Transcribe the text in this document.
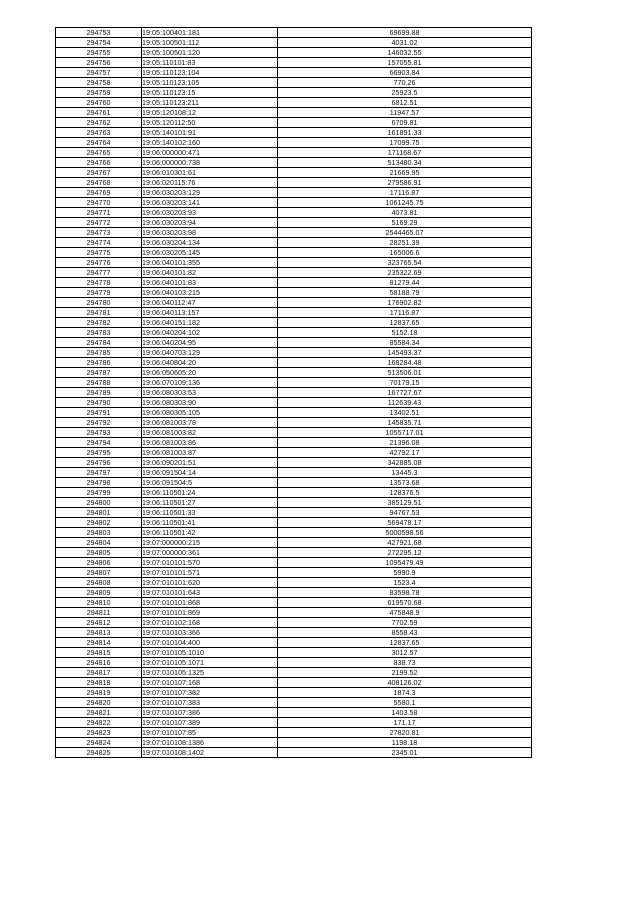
294753	19:05:100401:181	69699.88
294754	19:05:100501:112	4031.02
294755	19:05:100501:120	146032.55
294756	19:05:110101:83	157055.81
294757	19:05:110123:104	66903.84
294758	19:05:110123:105	770.26
294759	19:05:110123:15	25923.5
294760	19:05:110123:211	6812.51
294761	19:05:120108:12	11947.57
294762	19:05:120112:50	6709.81
294763	19:05:140101:91	161891.33
294764	19:05:140102:160	17099.75
294765	19:06:000000:471	171168.67
294766	19:06:000000:738	513480.34
294767	19:06:010301:61	21669.95
294768	19:06:020115:76	279586.91
294769	19:06:030203:129	17116.87
294770	19:06:030203:141	1061245.75
294771	19:06:030203:93	4073.81
294772	19:06:030203:94	5169.29
294773	19:06:030203:98	2544465.07
294774	19:06:030204:134	28251.39
294775	19:06:030205:145	165006.6
294776	19:06:040101:355	323765.54
294777	19:06:040101:82	235322.69
294778	19:06:040101:83	81279.44
294779	19:06:040103:215	58188.79
294780	19:06:040112:47	176902.82
294781	19:06:040113:157	17116.87
294782	19:06:040151:182	12837.65
294783	19:06:040204:102	5152.18
294784	19:06:040204:95	85584.34
294785	19:06:040703:129	145493.37
294786	19:06:040804:20	168284.48
294787	19:06:050605:20	513506.01
294788	19:06:070109:136	70179.15
294789	19:06:080303:53	167727.67
294790	19:06:080303:90	112639.43
294791	19:06:080305:105	13402.51
294792	19:06:081003:78	145835.71
294793	19:06:081003:82	1055717.01
294794	19:06:081003:86	21396.08
294795	19:06:081003:87	42792.17
294796	19:06:090201:51	342885.08
294797	19:06:091504:14	13445.3
294798	19:06:091504:5	13573.68
294799	19:06:110501:24	128376.5
294800	19:06:110501:27	385129.51
294801	19:06:110501:33	94767.53
294802	19:06:110501:41	569478.17
294803	19:06:110501:42	5000598.56
294804	19:07:000000:215	427921.68
294805	19:07:000000:361	272295.12
294806	19:07:010101:570	1095479.49
294807	19:07:010101:571	5990.9
294808	19:07:010101:620	1523.4
294809	19:07:010101:643	83598.78
294810	19:07:010101:868	619570.68
294811	19:07:010101:869	475848.9
294812	19:07:010102:168	7702.59
294813	19:07:010103:366	8558.43
294814	19:07:010104:400	12837.65
294815	19:07:010105:1010	3012.57
294816	19:07:010105:1071	838.73
294817	19:07:010105:1325	2199.52
294818	19:07:010107:168	408126.02
294819	19:07:010107:382	1874.3
294820	19:07:010107:383	5580.1
294821	19:07:010107:386	1403.58
294822	19:07:010107:389	171.17
294823	19:07:010107:85	27820.81
294824	19:07:010108:1386	1198.18
294825	19:07:010108:1402	2345.01
